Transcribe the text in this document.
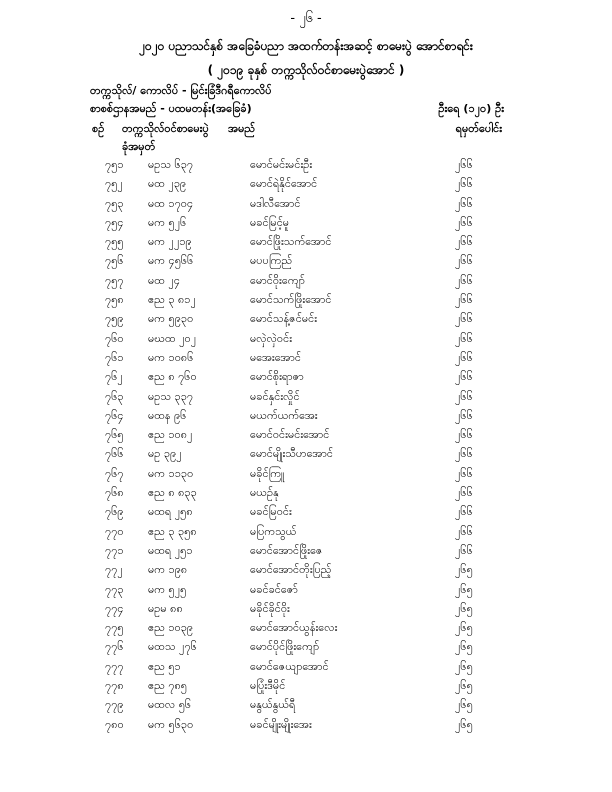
- ၂၆ -
၂၀၂၀ ပညာသင်နှစ် အခြေခံပညာ အထက်တန်းအဆင့် စာမေးပွဲ အောင်စာရင်း
( ၂၀၁၉ ခုနှစ် တက္ကသိုလ်ဝင်စာမေးပွဲအောင် )
တက္ကသိုလ်/ ကောလိပ် - မြင်းခြံဒီဂရီကောလိပ်
စာစစ်ဌာနအမည် - ပထမတန်း(အခြေခံ)	ဦးရေ (၁၂၀) ဦး
စဉ် တက္ကသိုလ်ဝင်စာမေးပွဲ
ခုံအမှတ်
အမည်	ရမှတ်ပေါင်း
၇၅၁	မဥသ ၆၃၇	မောင်မင်းမင်းဦး	၂၆၆
၇၅၂	မထ ၂၃၉	မောင်ရဲနိုင်အောင်	၂၆၆
၇၅၃	မထ ၁၇၀၄	မဒါလီအောင်	၂၆၆
၇၅၄	မက ၅၂၆	မခင်မြင့်မူ	၂၆၆
၇၅၅	မက ၂၂၁၉	မောင်ဖြိုးသက်အောင်	၂၆၆
၇၅၆	မက ၄၅၆၆	မပပကြည်	၂၆၆
၇၅၇	မထ ၂၄	မောင်ဝိုးကျော်	၂၆၆
၇၅၈	ဧည ၃ ၈၁၂	မောင်သက်ဖြိုးအောင်	၂၆၆
၇၅၉	မက ၅၉၃၀	မောင်သန့်ဇင်မင်း	၂၆၆
၇၆၀	မဃထ ၂၀၂	မလှဲလှဲဝင်း	၂၆၆
၇၆၁	မက ၁၀၈၆	မအေးအောင်	၂၆၆
၇၆၂	ဧည ၈ ၇၆၀	မောင်စိုးရာဇာ	၂၆၆
၇၆၃	မဥသ ၃၃၇	မခင်နှင်းလှိုင်	၂၆၆
၇၆၄	မထန ၉၆	မယက်ယက်အေး	၂၆၆
၇၆၅	ဧည ၁၀၈၂	မောင်ဝင်းမင်းအောင်	၂၆၆
၇၆၆	မဥ ၃၉၂	မောင်မျိုးသီဟအောင်	၂၆၆
၇၆၇	မက ၁၁၃၀	မခိုင်ကြူ	၂၆၆
၇၆၈	ဧည ၈ ၈၃၃	မယဉ်နု	၂၆၆
၇၆၉	မထရ ၂၅၈	မခင်မြဝင်း	၂၆၆
၇၇၀	ဧည ၃ ၃၅၈	မပြကသွယ်	၂၆၆
၇၇၁	မထရ ၂၅၁	မောင်အောင်ဖြိုးဇေ	၂၆၆
၇၇၂	မက ၁၉၈	မောင်အောင်တိုးပြည့်	၂၆၅
၇၇၃	မက ၅၂၅	မခင်ခင်ဇော်	၂၆၅
၇၇၄	မဥမ ၈၈	မခိုင်ခိုင်ဝိုး	၂၆၅
၇၇၅	ဧည ၁၀၃၉	မောင်အောင်ယွန်းလေး	၂၆၅
၇၇၆	မထသ ၂၇၆	မောင်ပိုင်ဖြိုးကျော်	၂၆၅
၇၇၇	ဧည ၅၁	မောင်ဇေယျာအောင်	၂၆၅
၇၇၈	ဧည ၇၈၅	မပြုံးဒီမိုင်	၂၆၅
၇၇၉	မထလ ၅၆	မနွယ်နွယ်ရီ	၂၆၅
၇၈၀	မက ၅၆၃၀	မခင်မျိုးမျိုးအေး	၂၆၅
